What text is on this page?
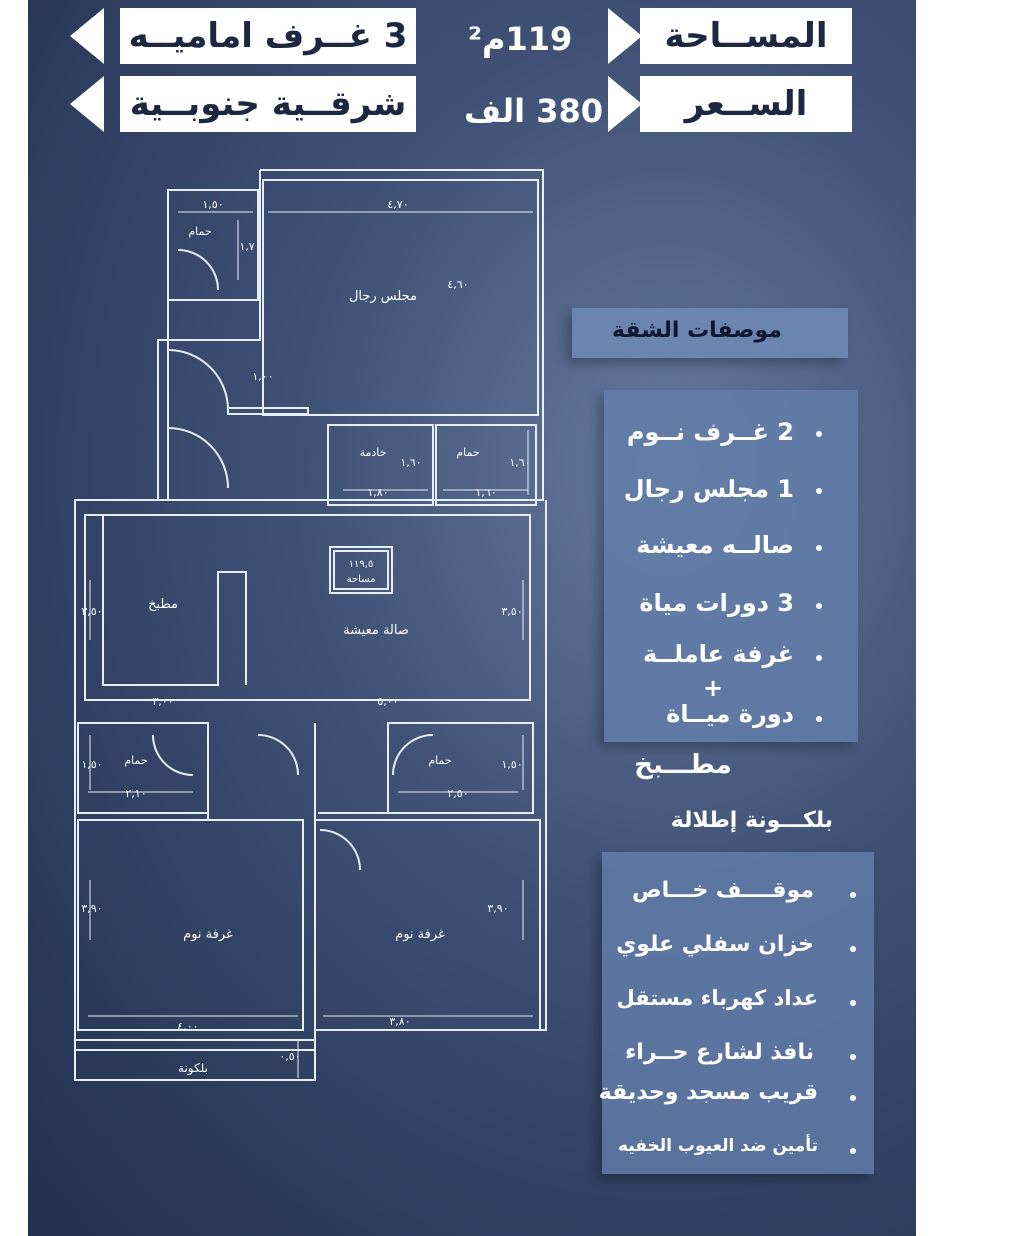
المســاحة
الســعر
3 غــرف اماميــه
شرقــية جنوبــية
119م²
380 الف
مجلس رجال
٤,٧٠
٤,٦٠
حمام
١,٥٠
١,٧٠
١,٠٠
خادمة
١,٨٠
١,٦٠
حمام
١,٦٠
١,٦٠
١١٩,٥
مساحة
مطبخ
٣,٠٠
٣,٥٠
صالة معيشة
٥,٠٠
٣,٥٠
حمام
٢,١٠
١,٥٠	حمام
٢,٥٠
١,٥٠
غرفة نوم
٤,٠٠
٣,٩٠
غرفة نوم
٣,٨٠
٣,٩٠
بلكونة
٠,٥٠
موصفات الشقة
2 غــرف نــوم
1 مجلس رجال
صالــه معيشة
3 دورات مياة
غرفة عاملــة
+
دورة ميــاة
مطـــبخ
بلكـــونة إطلالة
موقــــف خـــاص
خزان سفلي علوي
عداد كهرباء مستقل
نافذ لشارع حــراء
قريب مسجد وحديقة
تأمين ضد العيوب الخفيه
